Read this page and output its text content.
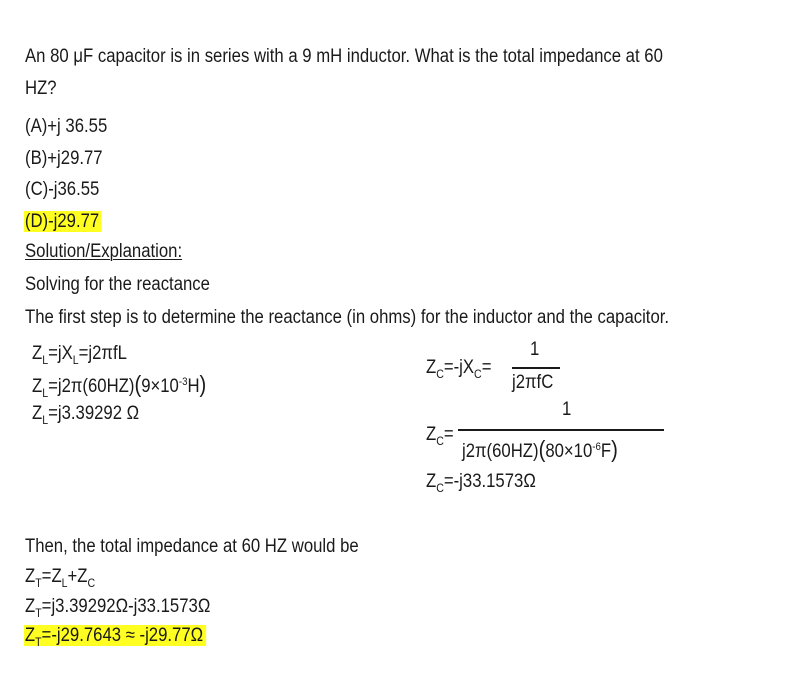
An 80 μF capacitor is in series with a 9 mH inductor. What is the total impedance at 60
HZ?
(A)+j 36.55
(B)+j29.77
(C)-j36.55
(D)-j29.77
Solution/Explanation:
Solving for the reactance
The first step is to determine the reactance (in ohms) for the inductor and the capacitor.
$Z_L=jX_L=j2\pi fL$
$Z_L=j2\pi(60HZ)(9\times 10^{-3}H)$
$Z_L=j3.39292$ Ω
$Z_C=-jX_C=$
1
j2πfC
$Z_C=$
1
$j2\pi(60HZ)(80\times 10^{-6}F)$
$Z_C=-j33.1573\Omega$
Then, the total impedance at 60 HZ would be
$Z_T=Z_L+Z_C$
$Z_T=j3.39292\Omega-j33.1573\Omega$
$Z_T=-j29.7643 \approx -j29.77\Omega$
